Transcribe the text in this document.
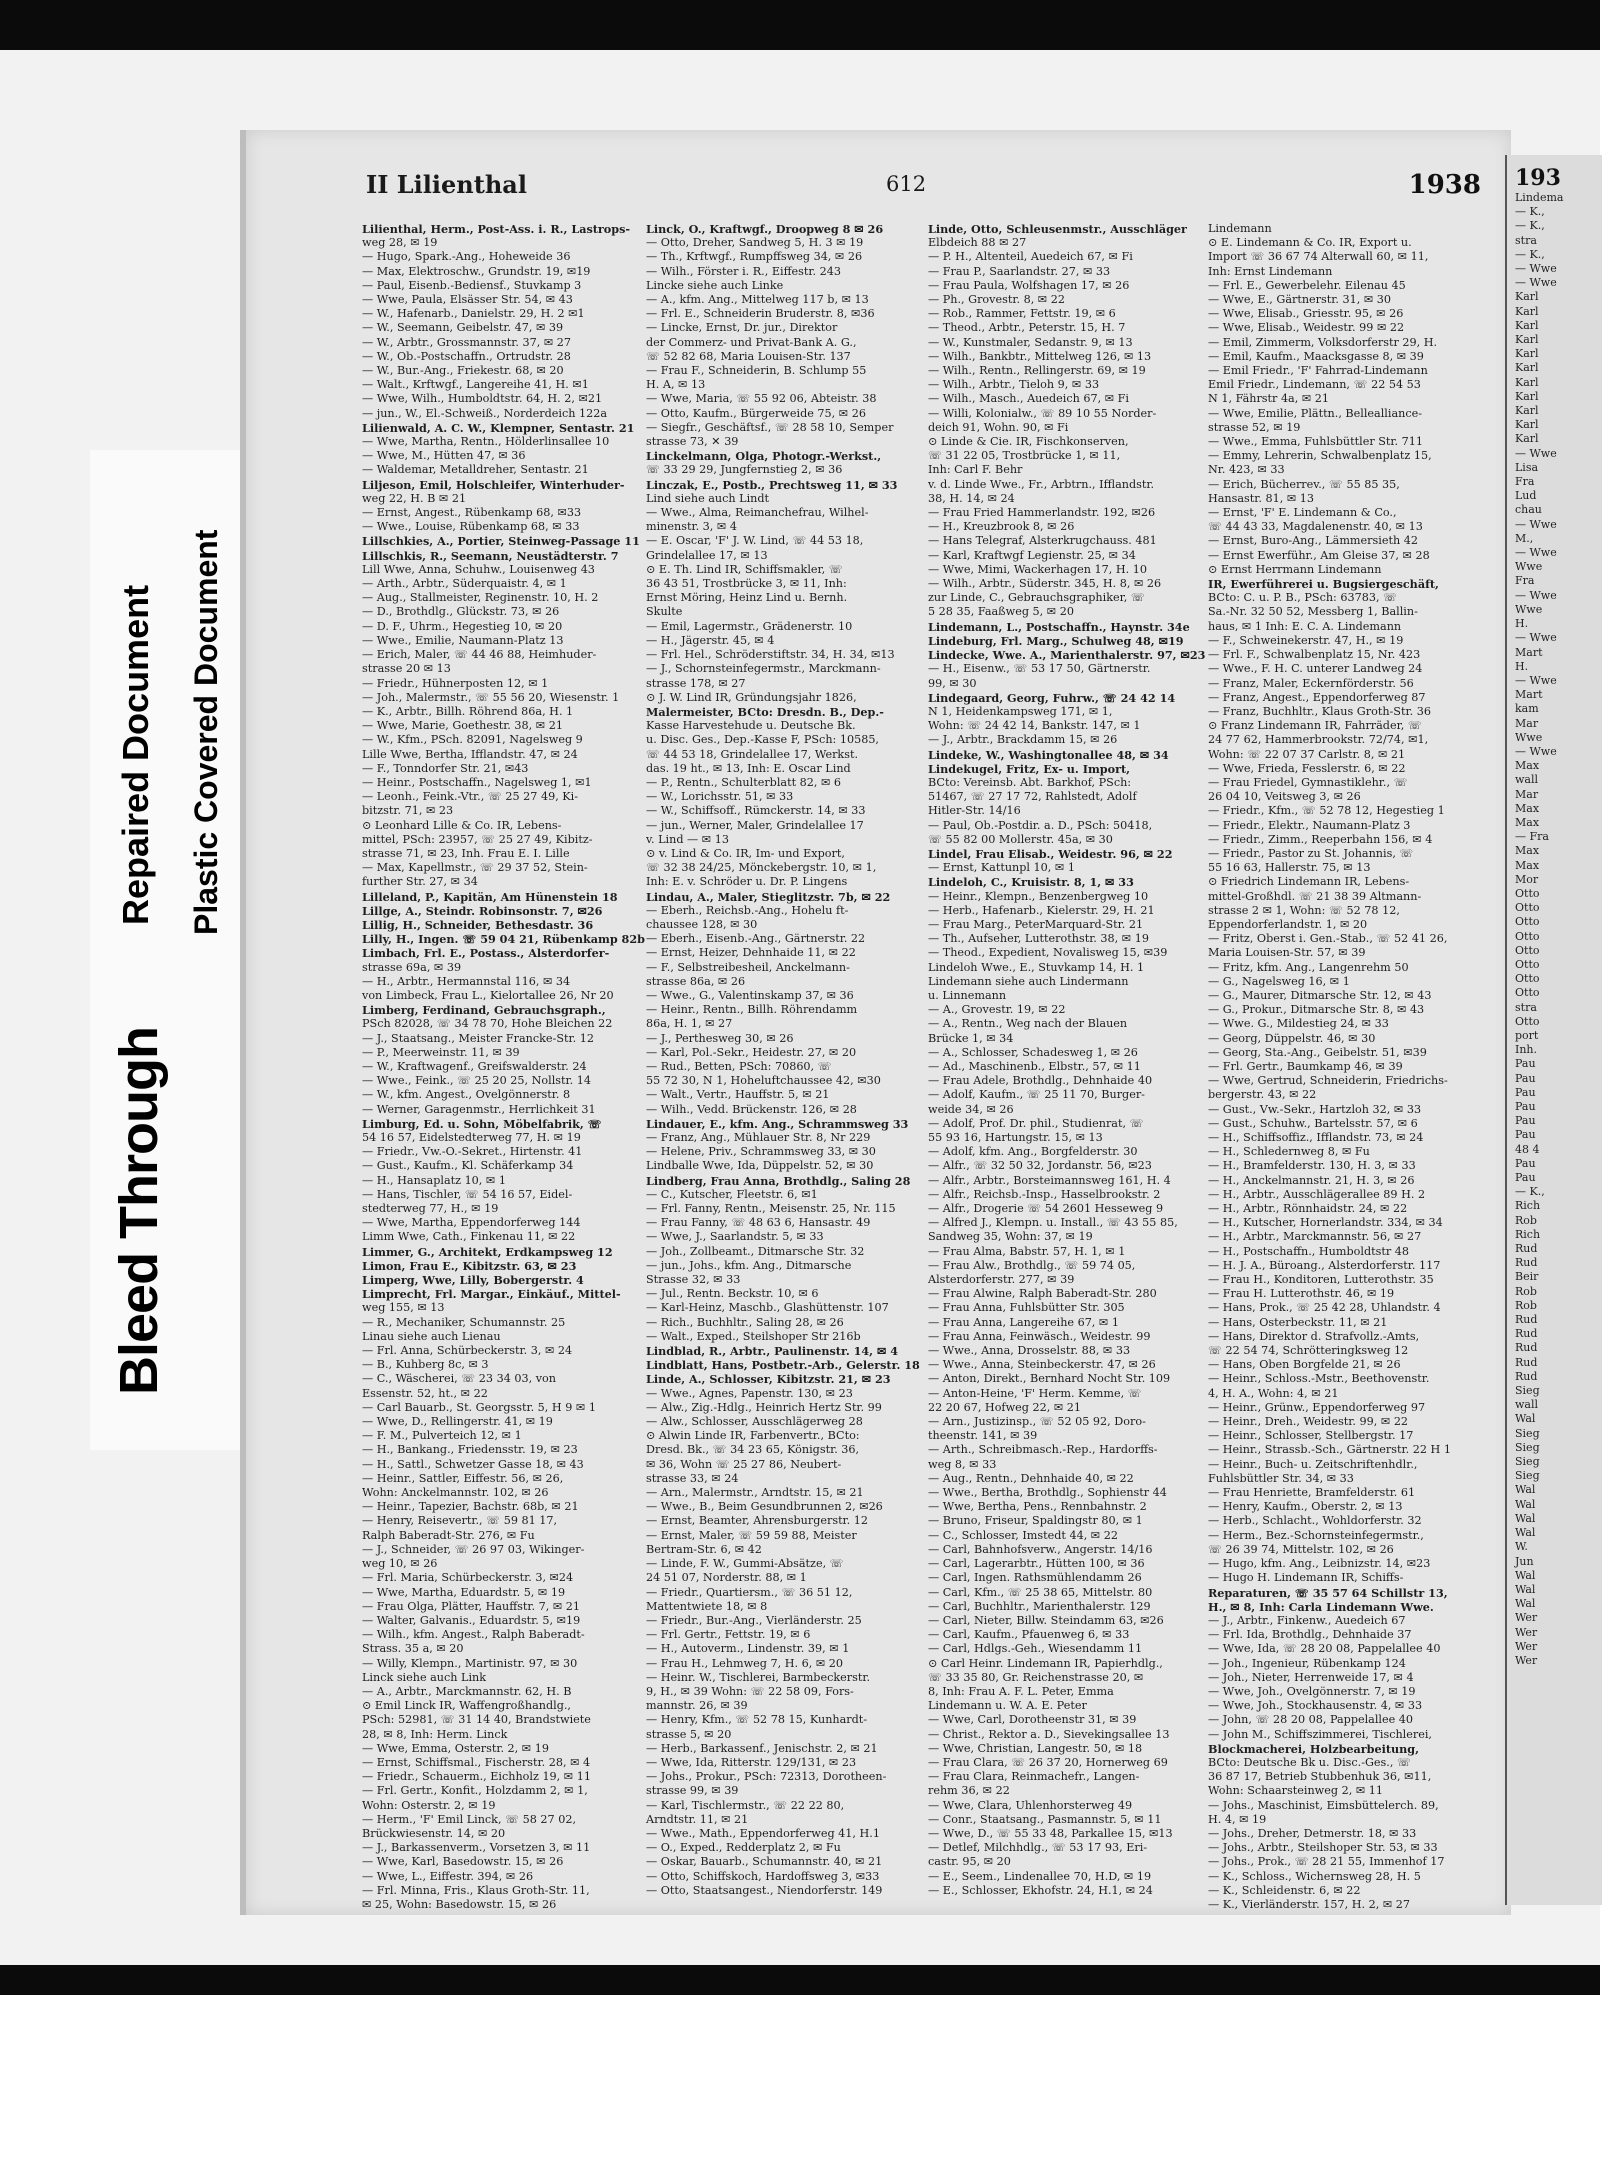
Bleed Through
Repaired Document Plastic Covered Document
II Lilienthal	612	1938

Lilienthal, Herm., Post-Ass. i. R., Lastrops-

weg 28, ✉ 19

— Hugo, Spark.-Ang., Hoheweide 36

— Max, Elektroschw., Grundstr. 19, ✉19

— Paul, Eisenb.-Bediensf., Stuvkamp 3

— Wwe, Paula, Elsässer Str. 54, ✉ 43

— W., Hafenarb., Danielstr. 29, H. 2 ✉1

— W., Seemann, Geibelstr. 47, ✉ 39

— W., Arbtr., Grossmannstr. 37, ✉ 27

— W., Ob.-Postschaffn., Ortrudstr. 28

— W., Bur.-Ang., Friekestr. 68, ✉ 20

— Walt., Krftwgf., Langereihe 41, H. ✉1

— Wwe, Wilh., Humboldtstr. 64, H. 2, ✉21

— jun., W., El.-Schweiß., Norderdeich 122a

Lilienwald, A. C. W., Klempner, Sentastr. 21

— Wwe, Martha, Rentn., Hölderlinsallee 10

— Wwe, M., Hütten 47, ✉ 36

— Waldemar, Metalldreher, Sentastr. 21

Liljeson, Emil, Holschleifer, Winterhuder-

weg 22, H. B ✉ 21

— Ernst, Angest., Rübenkamp 68, ✉33

— Wwe., Louise, Rübenkamp 68, ✉ 33

Lillschkies, A., Portier, Steinweg-Passage 11

Lillschkis, R., Seemann, Neustädterstr. 7

Lill Wwe, Anna, Schuhw., Louisenweg 43

— Arth., Arbtr., Süderquaistr. 4, ✉ 1

— Aug., Stallmeister, Reginenstr. 10, H. 2

— D., Brothdlg., Glückstr. 73, ✉ 26

— D. F., Uhrm., Hegestieg 10, ✉ 20

— Wwe., Emilie, Naumann-Platz 13

— Erich, Maler, ☏ 44 46 88, Heimhuder-

strasse 20 ✉ 13

— Friedr., Hühnerposten 12, ✉ 1

— Joh., Malermstr., ☏ 55 56 20, Wiesenstr. 1

— K., Arbtr., Billh. Röhrend 86a, H. 1

— Wwe, Marie, Goethestr. 38, ✉ 21

— W., Kfm., PSch. 82091, Nagelsweg 9

Lille Wwe, Bertha, Ifflandstr. 47, ✉ 24

— F., Tonndorfer Str. 21, ✉43

— Heinr., Postschaffn., Nagelsweg 1, ✉1

— Leonh., Feink.-Vtr., ☏ 25 27 49, Ki-

bitzstr. 71, ✉ 23

⊙ Leonhard Lille & Co. IR, Lebens-

mittel, PSch: 23957, ☏ 25 27 49, Kibitz-

strasse 71, ✉ 23, Inh. Frau E. I. Lille

— Max, Kapellmstr., ☏ 29 37 52, Stein-

further Str. 27, ✉ 34

Lilleland, P., Kapitän, Am Hünenstein 18

Lillge, A., Steindr. Robinsonstr. 7, ✉26

Lillig, H., Schneider, Bethesdastr. 36

Lilly, H., Ingen. ☏ 59 04 21, Rübenkamp 82b

Limbach, Frl. E., Postass., Alsterdorfer-

strasse 69a, ✉ 39

— H., Arbtr., Hermannstal 116, ✉ 34

von Limbeck, Frau L., Kielortallee 26, Nr 20

Limberg, Ferdinand, Gebrauchsgraph.,

PSch 82028, ☏ 34 78 70, Hohe Bleichen 22

— J., Staatsang., Meister Francke-Str. 12

— P., Meerweinstr. 11, ✉ 39

— W., Kraftwagenf., Greifswalderstr. 24

— Wwe., Feink., ☏ 25 20 25, Nollstr. 14

— W., kfm. Angest., Ovelgönnerstr. 8

— Werner, Garagenmstr., Herrlichkeit 31

Limburg, Ed. u. Sohn, Möbelfabrik, ☏

54 16 57, Eidelstedterweg 77, H. ✉ 19

— Friedr., Vw.-O.-Sekret., Hirtenstr. 41

— Gust., Kaufm., Kl. Schäferkamp 34

— H., Hansaplatz 10, ✉ 1

— Hans, Tischler, ☏ 54 16 57, Eidel-

stedterweg 77, H., ✉ 19

— Wwe, Martha, Eppendorferweg 144

Limm Wwe, Cath., Finkenau 11, ✉ 22

Limmer, G., Architekt, Erdkampsweg 12

Limon, Frau E., Kibitzstr. 63, ✉ 23

Limperg, Wwe, Lilly, Bobergerstr. 4

Limprecht, Frl. Margar., Einkäuf., Mittel-

weg 155, ✉ 13

— R., Mechaniker, Schumannstr. 25

Linau siehe auch Lienau

— Frl. Anna, Schürbeckerstr. 3, ✉ 24

— B., Kuhberg 8c, ✉ 3

— C., Wäscherei, ☏ 23 34 03, von

Essenstr. 52, ht., ✉ 22

— Carl Bauarb., St. Georgsstr. 5, H 9 ✉ 1

— Wwe, D., Rellingerstr. 41, ✉ 19

— F. M., Pulverteich 12, ✉ 1

— H., Bankang., Friedensstr. 19, ✉ 23

— H., Sattl., Schwetzer Gasse 18, ✉ 43

— Heinr., Sattler, Eiffestr. 56, ✉ 26,

Wohn: Anckelmannstr. 102, ✉ 26

— Heinr., Tapezier, Bachstr. 68b, ✉ 21

— Henry, Reisevertr., ☏ 59 81 17,

Ralph Baberadt-Str. 276, ✉ Fu

— J., Schneider, ☏ 26 97 03, Wikinger-

weg 10, ✉ 26

— Frl. Maria, Schürbeckerstr. 3, ✉24

— Wwe, Martha, Eduardstr. 5, ✉ 19

— Frau Olga, Plätter, Hauffstr. 7, ✉ 21

— Walter, Galvanis., Eduardstr. 5, ✉19

— Wilh., kfm. Angest., Ralph Baberadt-

Strass. 35 a, ✉ 20

— Willy, Klempn., Martinistr. 97, ✉ 30

Linck siehe auch Link

— A., Arbtr., Marckmannstr. 62, H. B

⊙ Emil Linck IR, Waffengroßhandlg.,

PSch: 52981, ☏ 31 14 40, Brandstwiete

28, ✉ 8, Inh: Herm. Linck

— Wwe, Emma, Osterstr. 2, ✉ 19

— Ernst, Schiffsmal., Fischerstr. 28, ✉ 4

— Friedr., Schauerm., Eichholz 19, ✉ 11

— Frl. Gertr., Konfit., Holzdamm 2, ✉ 1,

Wohn: Osterstr. 2, ✉ 19

— Herm., 'F' Emil Linck, ☏ 58 27 02,

Brückwiesenstr. 14, ✉ 20

— J., Barkassenverm., Vorsetzen 3, ✉ 11

— Wwe, Karl, Basedowstr. 15, ✉ 26

— Wwe, L., Eiffestr. 394, ✉ 26

— Frl. Minna, Fris., Klaus Groth-Str. 11,

✉ 25, Wohn: Basedowstr. 15, ✉ 26

Linck, O., Kraftwgf., Droopweg 8 ✉ 26

— Otto, Dreher, Sandweg 5, H. 3 ✉ 19

— Th., Krftwgf., Rumpffsweg 34, ✉ 26

— Wilh., Förster i. R., Eiffestr. 243

Lincke siehe auch Linke

— A., kfm. Ang., Mittelweg 117 b, ✉ 13

— Frl. E., Schneiderin Bruderstr. 8, ✉36

— Lincke, Ernst, Dr. jur., Direktor

der Commerz- und Privat-Bank A. G.,

☏ 52 82 68, Maria Louisen-Str. 137

— Frau F., Schneiderin, B. Schlump 55

H. A, ✉ 13

— Wwe, Maria, ☏ 55 92 06, Abteistr. 38

— Otto, Kaufm., Bürgerweide 75, ✉ 26

— Siegfr., Geschäftsf., ☏ 28 58 10, Semper

strasse 73, ✕ 39

Linckelmann, Olga, Photogr.-Werkst.,

☏ 33 29 29, Jungfernstieg 2, ✉ 36

Linczak, E., Postb., Prechtsweg 11, ✉ 33

Lind siehe auch Lindt

— Wwe., Alma, Reimanchefrau, Wilhel-

minenstr. 3, ✉ 4

— E. Oscar, 'F' J. W. Lind, ☏ 44 53 18,

Grindelallee 17, ✉ 13

⊙ E. Th. Lind IR, Schiffsmakler, ☏

36 43 51, Trostbrücke 3, ✉ 11, Inh:

Ernst Möring, Heinz Lind u. Bernh.

Skulte

— Emil, Lagermstr., Grädenerstr. 10

— H., Jägerstr. 45, ✉ 4

— Frl. Hel., Schröderstiftstr. 34, H. 34, ✉13

— J., Schornsteinfegermstr., Marckmann-

strasse 178, ✉ 27

⊙ J. W. Lind IR, Gründungsjahr 1826,

Malermeister, BCto: Dresdn. B., Dep.-

Kasse Harvestehude u. Deutsche Bk.

u. Disc. Ges., Dep.-Kasse F, PSch: 10585,

☏ 44 53 18, Grindelallee 17, Werkst.

das. 19 ht., ✉ 13, Inh: E. Oscar Lind

— P., Rentn., Schulterblatt 82, ✉ 6

— W., Lorichsstr. 51, ✉ 33

— W., Schiffsoff., Rümckerstr. 14, ✉ 33

— jun., Werner, Maler, Grindelallee 17

v. Lind — ✉ 13

⊙ v. Lind & Co. IR, Im- und Export,

☏ 32 38 24/25, Mönckebergstr. 10, ✉ 1,

Inh: E. v. Schröder u. Dr. P. Lingens

Lindau, A., Maler, Stieglitzstr. 7b, ✉ 22

— Eberh., Reichsb.-Ang., Hohelu ft-

chaussee 128, ✉ 30

— Eberh., Eisenb.-Ang., Gärtnerstr. 22

— Ernst, Heizer, Dehnhaide 11, ✉ 22

— F., Selbstreibesheil, Anckelmann-

strasse 86a, ✉ 26

— Wwe., G., Valentinskamp 37, ✉ 36

— Heinr., Rentn., Billh. Röhrendamm

86a, H. 1, ✉ 27

— J., Perthesweg 30, ✉ 26

— Karl, Pol.-Sekr., Heidestr. 27, ✉ 20

— Rud., Betten, PSch: 70860, ☏

55 72 30, N 1, Hoheluftchaussee 42, ✉30

— Walt., Vertr., Hauffstr. 5, ✉ 21

— Wilh., Vedd. Brückenstr. 126, ✉ 28

Lindauer, E., kfm. Ang., Schrammsweg 33

— Franz, Ang., Mühlauer Str. 8, Nr 229

— Helene, Priv., Schrammsweg 33, ✉ 30

Lindballe Wwe, Ida, Düppelstr. 52, ✉ 30

Lindberg, Frau Anna, Brothdlg., Saling 28

— C., Kutscher, Fleetstr. 6, ✉1

— Frl. Fanny, Rentn., Meisenstr. 25, Nr. 115

— Frau Fanny, ☏ 48 63 6, Hansastr. 49

— Wwe, J., Saarlandstr. 5, ✉ 33

— Joh., Zollbeamt., Ditmarsche Str. 32

— jun., Johs., kfm. Ang., Ditmarsche

Strasse 32, ✉ 33

— Jul., Rentn. Beckstr. 10, ✉ 6

— Karl-Heinz, Maschb., Glashüttenstr. 107

— Rich., Buchhltr., Saling 28, ✉ 26

— Walt., Exped., Steilshoper Str 216b

Lindblad, R., Arbtr., Paulinenstr. 14, ✉ 4

Lindblatt, Hans, Postbetr.-Arb., Gelerstr. 18

Linde, A., Schlosser, Kibitzstr. 21, ✉ 23

— Wwe., Agnes, Papenstr. 130, ✉ 23

— Alw., Zig.-Hdlg., Heinrich Hertz Str. 99

— Alw., Schlosser, Ausschlägerweg 28

⊙ Alwin Linde IR, Farbenvertr., BCto:

Dresd. Bk., ☏ 34 23 65, Königstr. 36,

✉ 36, Wohn ☏ 25 27 86, Neubert-

strasse 33, ✉ 24

— Arn., Malermstr., Arndtstr. 15, ✉ 21

— Wwe., B., Beim Gesundbrunnen 2, ✉26

— Ernst, Beamter, Ahrensburgerstr. 12

— Ernst, Maler, ☏ 59 59 88, Meister

Bertram-Str. 6, ✉ 42

— Linde, F. W., Gummi-Absätze, ☏

24 51 07, Norderstr. 88, ✉ 1

— Friedr., Quartiersm., ☏ 36 51 12,

Mattentwiete 18, ✉ 8

— Friedr., Bur.-Ang., Vierländerstr. 25

— Frl. Gertr., Fettstr. 19, ✉ 6

— H., Autoverm., Lindenstr. 39, ✉ 1

— Frau H., Lehmweg 7, H. 6, ✉ 20

— Heinr. W., Tischlerei, Barmbeckerstr.

9, H., ✉ 39 Wohn: ☏ 22 58 09, Fors-

mannstr. 26, ✉ 39

— Henry, Kfm., ☏ 52 78 15, Kunhardt-

strasse 5, ✉ 20

— Herb., Barkassenf., Jenischstr. 2, ✉ 21

— Wwe, Ida, Ritterstr. 129/131, ✉ 23

— Johs., Prokur., PSch: 72313, Dorotheen-

strasse 99, ✉ 39

— Karl, Tischlermstr., ☏ 22 22 80,

Arndtstr. 11, ✉ 21

— Wwe., Math., Eppendorferweg 41, H.1

— O., Exped., Redderplatz 2, ✉ Fu

— Oskar, Bauarb., Schumannstr. 40, ✉ 21

— Otto, Schiffskoch, Hardoffsweg 3, ✉33

— Otto, Staatsangest., Niendorferstr. 149

Linde, Otto, Schleusenmstr., Ausschläger

Elbdeich 88 ✉ 27

— P. H., Altenteil, Auedeich 67, ✉ Fi

— Frau P., Saarlandstr. 27, ✉ 33

— Frau Paula, Wolfshagen 17, ✉ 26

— Ph., Grovestr. 8, ✉ 22

— Rob., Rammer, Fettstr. 19, ✉ 6

— Theod., Arbtr., Peterstr. 15, H. 7

— W., Kunstmaler, Sedanstr. 9, ✉ 13

— Wilh., Bankbtr., Mittelweg 126, ✉ 13

— Wilh., Rentn., Rellingerstr. 69, ✉ 19

— Wilh., Arbtr., Tieloh 9, ✉ 33

— Wilh., Masch., Auedeich 67, ✉ Fi

— Willi, Kolonialw., ☏ 89 10 55 Norder-

deich 91, Wohn. 90, ✉ Fi

⊙ Linde & Cie. IR, Fischkonserven,

☏ 31 22 05, Trostbrücke 1, ✉ 11,

Inh: Carl F. Behr

v. d. Linde Wwe., Fr., Arbtrn., Ifflandstr.

38, H. 14, ✉ 24

— Frau Fried Hammerlandstr. 192, ✉26

— H., Kreuzbrook 8, ✉ 26

— Hans Telegraf, Alsterkrugchauss. 481

— Karl, Kraftwgf Legienstr. 25, ✉ 34

— Wwe, Mimi, Wackerhagen 17, H. 10

— Wilh., Arbtr., Süderstr. 345, H. 8, ✉ 26

zur Linde, C., Gebrauchsgraphiker, ☏

5 28 35, Faaßweg 5, ✉ 20

Lindemann, L., Postschaffn., Haynstr. 34e

Lindeburg, Frl. Marg., Schulweg 48, ✉19

Lindecke, Wwe. A., Marienthalerstr. 97, ✉23

— H., Eisenw., ☏ 53 17 50, Gärtnerstr.

99, ✉ 30

Lindegaard, Georg, Fuhrw., ☏ 24 42 14

N 1, Heidenkampsweg 171, ✉ 1,

Wohn: ☏ 24 42 14, Bankstr. 147, ✉ 1

— J., Arbtr., Brackdamm 15, ✉ 26

Lindeke, W., Washingtonallee 48, ✉ 34

Lindekugel, Fritz, Ex- u. Import,

BCto: Vereinsb. Abt. Barkhof, PSch:

51467, ☏ 27 17 72, Rahlstedt, Adolf

Hitler-Str. 14/16

— Paul, Ob.-Postdir. a. D., PSch: 50418,

☏ 55 82 00 Mollerstr. 45a, ✉ 30

Lindel, Frau Elisab., Weidestr. 96, ✉ 22

— Ernst, Kattunpl 10, ✉ 1

Lindeloh, C., Kruisistr. 8, 1, ✉ 33

— Heinr., Klempn., Benzenbergweg 10

— Herb., Hafenarb., Kielerstr. 29, H. 21

— Frau Marg., PeterMarquard-Str. 21

— Th., Aufseher, Lutterothstr. 38, ✉ 19

— Theod., Expedient, Novalisweg 15, ✉39

Lindeloh Wwe., E., Stuvkamp 14, H. 1

Lindemann siehe auch Lindermann

u. Linnemann

— A., Grovestr. 19, ✉ 22

— A., Rentn., Weg nach der Blauen

Brücke 1, ✉ 34

— A., Schlosser, Schadesweg 1, ✉ 26

— Ad., Maschinenb., Elbstr., 57, ✉ 11

— Frau Adele, Brothdlg., Dehnhaide 40

— Adolf, Kaufm., ☏ 25 11 70, Burger-

weide 34, ✉ 26

— Adolf, Prof. Dr. phil., Studienrat, ☏

55 93 16, Hartungstr. 15, ✉ 13

— Adolf, kfm. Ang., Borgfelderstr. 30

— Alfr., ☏ 32 50 32, Jordanstr. 56, ✉23

— Alfr., Arbtr., Borsteimannsweg 161, H. 4

— Alfr., Reichsb.-Insp., Hasselbrookstr. 2

— Alfr., Drogerie ☏ 54 2601 Hesseweg 9

— Alfred J., Klempn. u. Install., ☏ 43 55 85,

Sandweg 35, Wohn: 37, ✉ 19

— Frau Alma, Babstr. 57, H. 1, ✉ 1

— Frau Alw., Brothdlg., ☏ 59 74 05,

Alsterdorferstr. 277, ✉ 39

— Frau Alwine, Ralph Baberadt-Str. 280

— Frau Anna, Fuhlsbütter Str. 305

— Frau Anna, Langereihe 67, ✉ 1

— Frau Anna, Feinwäsch., Weidestr. 99

— Wwe., Anna, Drosselstr. 88, ✉ 33

— Wwe., Anna, Steinbeckerstr. 47, ✉ 26

— Anton, Direkt., Bernhard Nocht Str. 109

— Anton-Heine, 'F' Herm. Kemme, ☏

22 20 67, Hofweg 22, ✉ 21

— Arn., Justizinsp., ☏ 52 05 92, Doro-

theenstr. 141, ✉ 39

— Arth., Schreibmasch.-Rep., Hardorffs-

weg 8, ✉ 33

— Aug., Rentn., Dehnhaide 40, ✉ 22

— Wwe., Bertha, Brothdlg., Sophienstr 44

— Wwe, Bertha, Pens., Rennbahnstr. 2

— Bruno, Friseur, Spaldingstr 80, ✉ 1

— C., Schlosser, Imstedt 44, ✉ 22

— Carl, Bahnhofsverw., Angerstr. 14/16

— Carl, Lagerarbtr., Hütten 100, ✉ 36

— Carl, Ingen. Rathsmühlendamm 26

— Carl, Kfm., ☏ 25 38 65, Mittelstr. 80

— Carl, Buchhltr., Marienthalerstr. 129

— Carl, Nieter, Billw. Steindamm 63, ✉26

— Carl, Kaufm., Pfauenweg 6, ✉ 33

— Carl, Hdlgs.-Geh., Wiesendamm 11

⊙ Carl Heinr. Lindemann IR, Papierhdlg.,

☏ 33 35 80, Gr. Reichenstrasse 20, ✉

8, Inh: Frau A. F. L. Peter, Emma

Lindemann u. W. A. E. Peter

— Wwe, Carl, Dorotheenstr 31, ✉ 39

— Christ., Rektor a. D., Sievekingsallee 13

— Wwe, Christian, Langestr. 50, ✉ 18

— Frau Clara, ☏ 26 37 20, Hornerweg 69

— Frau Clara, Reinmachefr., Langen-

rehm 36, ✉ 22

— Wwe, Clara, Uhlenhorsterweg 49

— Conr., Staatsang., Pasmannstr. 5, ✉ 11

— Wwe, D., ☏ 55 33 48, Parkallee 15, ✉13

— Detlef, Milchhdlg., ☏ 53 17 93, Eri-

castr. 95, ✉ 20

— E., Seem., Lindenallee 70, H.D, ✉ 19

— E., Schlosser, Ekhofstr. 24, H.1, ✉ 24

Lindemann

⊙ E. Lindemann & Co. IR, Export u.

Import ☏ 36 67 74 Alterwall 60, ✉ 11,

Inh: Ernst Lindemann

— Frl. E., Gewerbelehr. Eilenau 45

— Wwe, E., Gärtnerstr. 31, ✉ 30

— Wwe, Elisab., Griesstr. 95, ✉ 26

— Wwe, Elisab., Weidestr. 99 ✉ 22

— Emil, Zimmerm, Volksdorferstr 29, H.

— Emil, Kaufm., Maacksgasse 8, ✉ 39

— Emil Friedr., 'F' Fahrrad-Lindemann

Emil Friedr., Lindemann, ☏ 22 54 53

N 1, Fährstr 4a, ✉ 21

— Wwe, Emilie, Plättn., Bellealliance-

strasse 52, ✉ 19

— Wwe., Emma, Fuhlsbüttler Str. 711

— Emmy, Lehrerin, Schwalbenplatz 15,

Nr. 423, ✉ 33

— Erich, Bücherrev., ☏ 55 85 35,

Hansastr. 81, ✉ 13

— Ernst, 'F' E. Lindemann & Co.,

☏ 44 43 33, Magdalenenstr. 40, ✉ 13

— Ernst, Buro-Ang., Lämmersieth 42

— Ernst Ewerführ., Am Gleise 37, ✉ 28

⊙ Ernst Herrmann Lindemann

IR, Ewerführerei u. Bugsiergeschäft,

BCto: C. u. P. B., PSch: 63783, ☏

Sa.-Nr. 32 50 52, Messberg 1, Ballin-

haus, ✉ 1 Inh: E. C. A. Lindemann

— F., Schweinekerstr. 47, H., ✉ 19

— Frl. F., Schwalbenplatz 15, Nr. 423

— Wwe., F. H. C. unterer Landweg 24

— Franz, Maler, Eckernförderstr. 56

— Franz, Angest., Eppendorferweg 87

— Franz, Buchhltr., Klaus Groth-Str. 36

⊙ Franz Lindemann IR, Fahrräder, ☏

24 77 62, Hammerbrookstr. 72/74, ✉1,

Wohn: ☏ 22 07 37 Carlstr. 8, ✉ 21

— Wwe, Frieda, Fesslerstr. 6, ✉ 22

— Frau Friedel, Gymnastiklehr., ☏

26 04 10, Veitsweg 3, ✉ 26

— Friedr., Kfm., ☏ 52 78 12, Hegestieg 1

— Friedr., Elektr., Naumann-Platz 3

— Friedr., Zimm., Reeperbahn 156, ✉ 4

— Friedr., Pastor zu St. Johannis, ☏

55 16 63, Hallerstr. 75, ✉ 13

⊙ Friedrich Lindemann IR, Lebens-

mittel-Großhdl. ☏ 21 38 39 Altmann-

strasse 2 ✉ 1, Wohn: ☏ 52 78 12,

Eppendorferlandstr. 1, ✉ 20

— Fritz, Oberst i. Gen.-Stab., ☏ 52 41 26,

Maria Louisen-Str. 57, ✉ 39

— Fritz, kfm. Ang., Langenrehm 50

— G., Nagelsweg 16, ✉ 1

— G., Maurer, Ditmarsche Str. 12, ✉ 43

— G., Prokur., Ditmarsche Str. 8, ✉ 43

— Wwe. G., Mildestieg 24, ✉ 33

— Georg, Düppelstr. 46, ✉ 30

— Georg, Sta.-Ang., Geibelstr. 51, ✉39

— Frl. Gertr., Baumkamp 46, ✉ 39

— Wwe, Gertrud, Schneiderin, Friedrichs-

bergerstr. 43, ✉ 22

— Gust., Vw.-Sekr., Hartzloh 32, ✉ 33

— Gust., Schuhw., Bartelsstr. 57, ✉ 6

— H., Schiffsoffiz., Ifflandstr. 73, ✉ 24

— H., Schledernweg 8, ✉ Fu

— H., Bramfelderstr. 130, H. 3, ✉ 33

— H., Anckelmannstr. 21, H. 3, ✉ 26

— H., Arbtr., Ausschlägerallee 89 H. 2

— H., Arbtr., Rönnhaidstr. 24, ✉ 22

— H., Kutscher, Hornerlandstr. 334, ✉ 34

— H., Arbtr., Marckmannstr. 56, ✉ 27

— H., Postschaffn., Humboldtstr 48

— H. J. A., Büroang., Alsterdorferstr. 117

— Frau H., Konditoren, Lutterothstr. 35

— Frau H. Lutterothstr. 46, ✉ 19

— Hans, Prok., ☏ 25 42 28, Uhlandstr. 4

— Hans, Osterbeckstr. 11, ✉ 21

— Hans, Direktor d. Strafvollz.-Amts,

☏ 22 54 74, Schrötteringksweg 12

— Hans, Oben Borgfelde 21, ✉ 26

— Heinr., Schloss.-Mstr., Beethovenstr.

4, H. A., Wohn: 4, ✉ 21

— Heinr., Grünw., Eppendorferweg 97

— Heinr., Dreh., Weidestr. 99, ✉ 22

— Heinr., Schlosser, Stellbergstr. 17

— Heinr., Strassb.-Sch., Gärtnerstr. 22 H 1

— Heinr., Buch- u. Zeitschriftenhdlr.,

Fuhlsbüttler Str. 34, ✉ 33

— Frau Henriette, Bramfelderstr. 61

— Henry, Kaufm., Oberstr. 2, ✉ 13

— Herb., Schlacht., Wohldorferstr. 32

— Herm., Bez.-Schornsteinfegermstr.,

☏ 26 39 74, Mittelstr. 102, ✉ 26

— Hugo, kfm. Ang., Leibnizstr. 14, ✉23

— Hugo H. Lindemann IR, Schiffs-

Reparaturen, ☏ 35 57 64 Schillstr 13,

H., ✉ 8, Inh: Carla Lindemann Wwe.

— J., Arbtr., Finkenw., Auedeich 67

— Frl. Ida, Brothdlg., Dehnhaide 37

— Wwe, Ida, ☏ 28 20 08, Pappelallee 40

— Joh., Ingenieur, Rübenkamp 124

— Joh., Nieter, Herrenweide 17, ✉ 4

— Wwe, Joh., Ovelgönnerstr. 7, ✉ 19

— Wwe, Joh., Stockhausenstr. 4, ✉ 33

— John, ☏ 28 20 08, Pappelallee 40

— John M., Schiffszimmerei, Tischlerei,

Blockmacherei, Holzbearbeitung,

BCto: Deutsche Bk u. Disc.-Ges., ☏

36 87 17, Betrieb Stubbenhuk 36, ✉11,

Wohn: Schaarsteinweg 2, ✉ 11

— Johs., Maschinist, Eimsbüttelerch. 89,

H. 4, ✉ 19

— Johs., Dreher, Detmerstr. 18, ✉ 33

— Johs., Arbtr., Steilshoper Str. 53, ✉ 33

— Johs., Prok., ☏ 28 21 55, Immenhof 17

— K., Schloss., Wichernsweg 28, H. 5

— K., Schleidenstr. 6, ✉ 22

— K., Vierländerstr. 157, H. 2, ✉ 27

193
Lindema
— K.,
— K.,
stra
— K.,
— Wwe
— Wwe
Karl
Karl
Karl
Karl
Karl
Karl
Karl
Karl
Karl
Karl
Karl
— Wwe
Lisa
Fra
Lud
chau
— Wwe
M.,
— Wwe
Wwe
Fra
— Wwe
Wwe
H.
— Wwe
Mart
H.
— Wwe
Mart
kam
Mar
Wwe
— Wwe
Max
wall
Mar
Max
Max
— Fra
Max
Max
Mor
Otto
Otto
Otto
Otto
Otto
Otto
Otto
Otto
stra
Otto
port
Inh.
Pau
Pau
Pau
Pau
Pau
Pau
48 4
Pau
Pau
— K.,
Rich
Rob
Rich
Rud
Rud
Beir
Rob
Rob
Rud
Rud
Rud
Rud
Rud
Sieg
wall
Wal
Sieg
Sieg
Sieg
Sieg
Wal
Wal
Wal
Wal
W.
Jun
Wal
Wal
Wal
Wer
Wer
Wer
Wer
